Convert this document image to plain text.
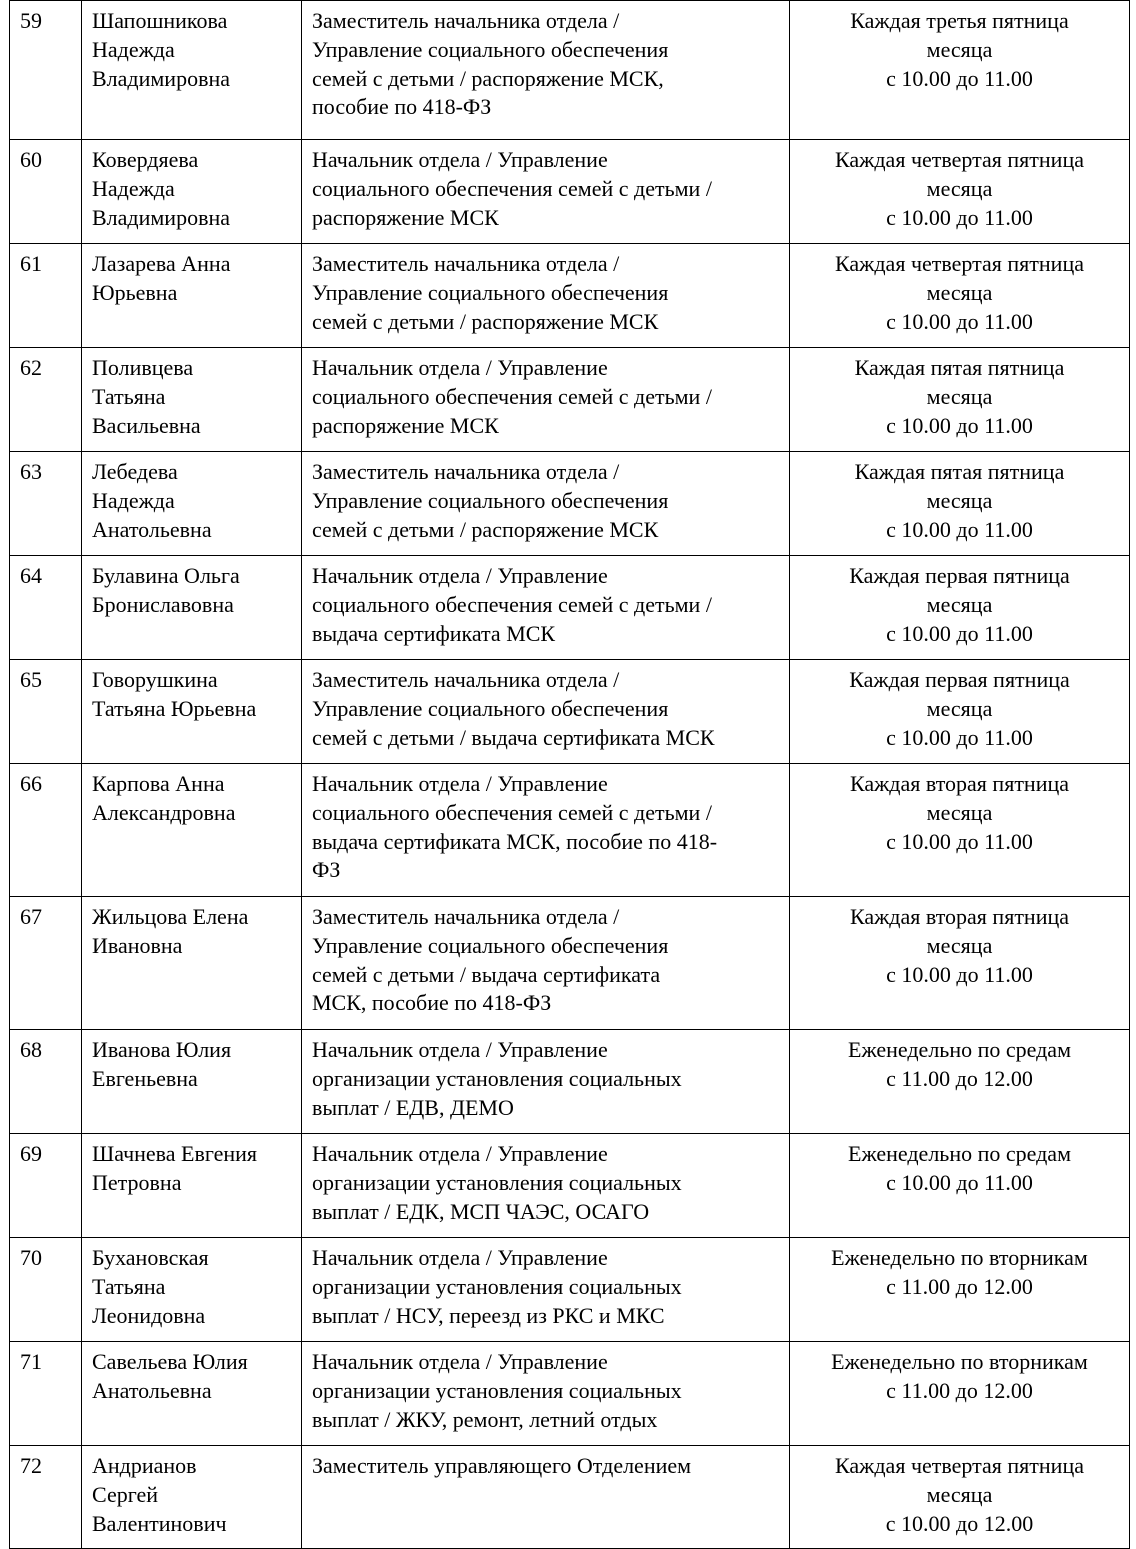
59	Шапошникова
Надежда
Владимировна	Заместитель начальника отдела /
Управление социального обеспечения
семей с детьми / распоряжение МСК,
пособие по 418-ФЗ	Каждая третья пятница
месяца
с 10.00 до 11.00

60	Ковердяева
Надежда
Владимировна	Начальник отдела / Управление
социального обеспечения семей с детьми /
распоряжение МСК	Каждая четвертая пятница
месяца
с 10.00 до 11.00

61	Лазарева Анна
Юрьевна	Заместитель начальника отдела /
Управление социального обеспечения
семей с детьми / распоряжение МСК	Каждая четвертая пятница
месяца
с 10.00 до 11.00

62	Поливцева
Татьяна
Васильевна	Начальник отдела / Управление
социального обеспечения семей с детьми /
распоряжение МСК	Каждая пятая пятница
месяца
с 10.00 до 11.00

63	Лебедева
Надежда
Анатольевна	Заместитель начальника отдела /
Управление социального обеспечения
семей с детьми / распоряжение МСК	Каждая пятая пятница
месяца
с 10.00 до 11.00

64	Булавина Ольга
Брониславовна	Начальник отдела / Управление
социального обеспечения семей с детьми /
выдача сертификата МСК	Каждая первая пятница
месяца
с 10.00 до 11.00

65	Говорушкина
Татьяна Юрьевна	Заместитель начальника отдела /
Управление социального обеспечения
семей с детьми / выдача сертификата МСК	Каждая первая пятница
месяца
с 10.00 до 11.00

66	Карпова Анна
Александровна	Начальник отдела / Управление
социального обеспечения семей с детьми /
выдача сертификата МСК, пособие по 418-
ФЗ	Каждая вторая пятница
месяца
с 10.00 до 11.00

67	Жильцова Елена
Ивановна	Заместитель начальника отдела /
Управление социального обеспечения
семей с детьми / выдача сертификата
МСК, пособие по 418-ФЗ	Каждая вторая пятница
месяца
с 10.00 до 11.00

68	Иванова Юлия
Евгеньевна	Начальник отдела / Управление
организации установления социальных
выплат / ЕДВ, ДЕМО	Еженедельно по средам
с 11.00 до 12.00

69	Шачнева Евгения
Петровна	Начальник отдела / Управление
организации установления социальных
выплат / ЕДК, МСП ЧАЭС, ОСАГО	Еженедельно по средам
с 10.00 до 11.00

70	Бухановская
Татьяна
Леонидовна	Начальник отдела / Управление
организации установления социальных
выплат / НСУ, переезд из РКС и МКС	Еженедельно по вторникам
с 11.00 до 12.00

71	Савельева Юлия
Анатольевна	Начальник отдела / Управление
организации установления социальных
выплат / ЖКУ, ремонт, летний отдых	Еженедельно по вторникам
с 11.00 до 12.00

72	Андрианов
Сергей
Валентинович	Заместитель управляющего Отделением	Каждая четвертая пятница
месяца
с 10.00 до 12.00
